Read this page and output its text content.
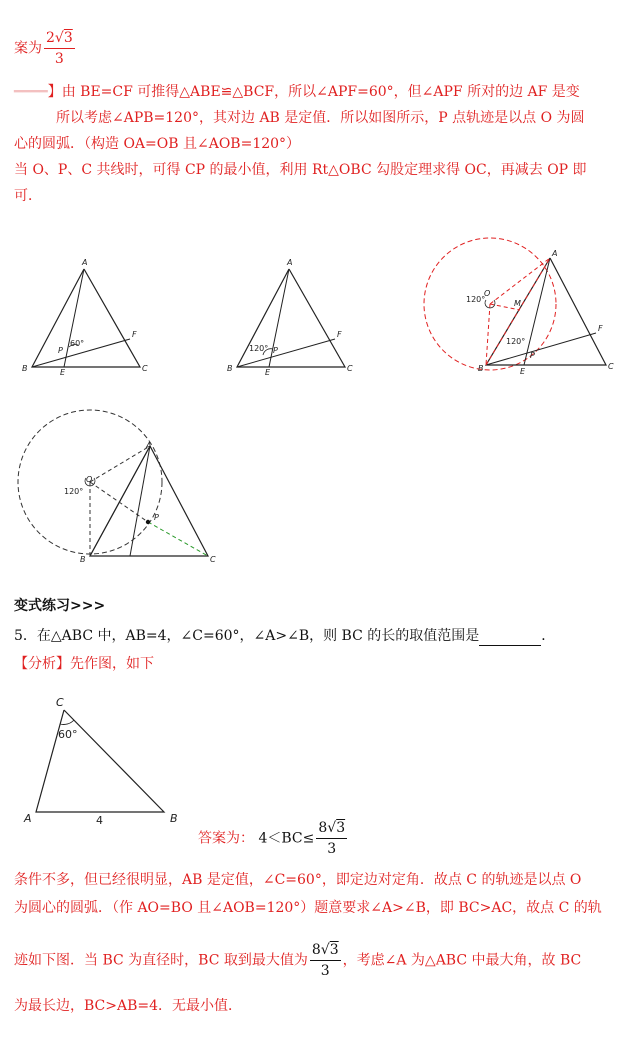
案为 $\frac{2√3}{3}$
━━━━】由 BE=CF 可推得△ABE≌△BCF，所以∠APF=60°，但∠APF 所对的边 AF 是变
所以考虑∠APB=120°，其对边 AB 是定值．所以如图所示，P 点轨迹是以点 O 为圆
心的圆弧．（构造 OA=OB 且∠AOB=120°）
当 O、P、C 共线时，可得 CP 的最小值，利用 Rt△OBC 勾股定理求得 OC，再减去 OP 即
可．
A
B	C
E
F
P
60°
A
B	C
E
F
P
120°
A
B	C
E
F
P
O
M
120°
120°
A
B	C
O
P
120°
变式练习>>>
5．在△ABC 中，AB=4，∠C=60°，∠A>∠B，则 BC 的长的取值范围是	．
【分析】先作图，如下
C
A	B
60°
4
答案为： $4<BC\le \frac{8√3}{3}$
条件不多，但已经很明显，AB 是定值，∠C=60°，即定边对定角．故点 C 的轨迹是以点 O
为圆心的圆弧．（作 AO=BO 且∠AOB=120°）题意要求∠A>∠B，即 BC>AC，故点 C 的轨
迹如下图．当 BC 为直径时，BC 取到最大值为 $\frac{8√3}{3}$ ，考虑∠A 为△ABC 中最大角，故 BC
为最长边，BC>AB=4．无最小值．
